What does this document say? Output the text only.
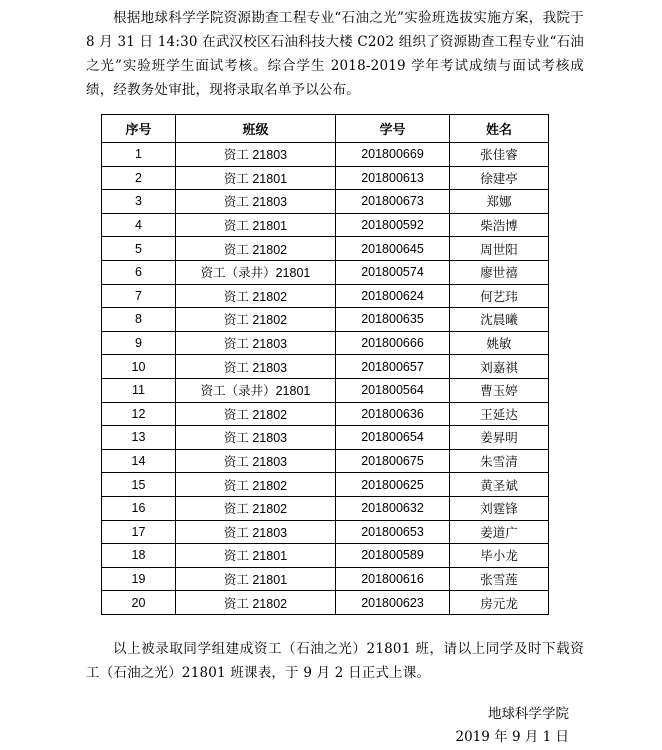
根据地球科学学院资源勘查工程专业“石油之光”实验班选拔实施方案，我院于 8 月 31 日 14:30 在武汉校区石油科技大楼 C202 组织了资源勘查工程专业“石油之光”实验班学生面试考核。综合学生 2018-2019 学年考试成绩与面试考核成绩，经教务处审批，现将录取名单予以公布。

序号	班级	学号	姓名
1	资工 21803	201800669	张佳睿
2	资工 21801	201800613	徐建亭
3	资工 21803	201800673	郑娜
4	资工 21801	201800592	柴浩博
5	资工 21802	201800645	周世阳
6	资工（录井）21801	201800574	廖世禧
7	资工 21802	201800624	何艺玮
8	资工 21802	201800635	沈晨曦
9	资工 21803	201800666	姚敏
10	资工 21803	201800657	刘嘉祺
11	资工（录井）21801	201800564	曹玉婷
12	资工 21802	201800636	王延达
13	资工 21803	201800654	姜昇明
14	资工 21803	201800675	朱雪清
15	资工 21802	201800625	黄圣斌
16	资工 21802	201800632	刘霆锋
17	资工 21803	201800653	姜道广
18	资工 21801	201800589	毕小龙
19	资工 21801	201800616	张雪莲
20	资工 21802	201800623	房元龙

以上被录取同学组建成资工（石油之光）21801 班，请以上同学及时下载资工（石油之光）21801 班课表，于 9 月 2 日正式上课。

地球科学学院
2019 年 9 月 1 日
